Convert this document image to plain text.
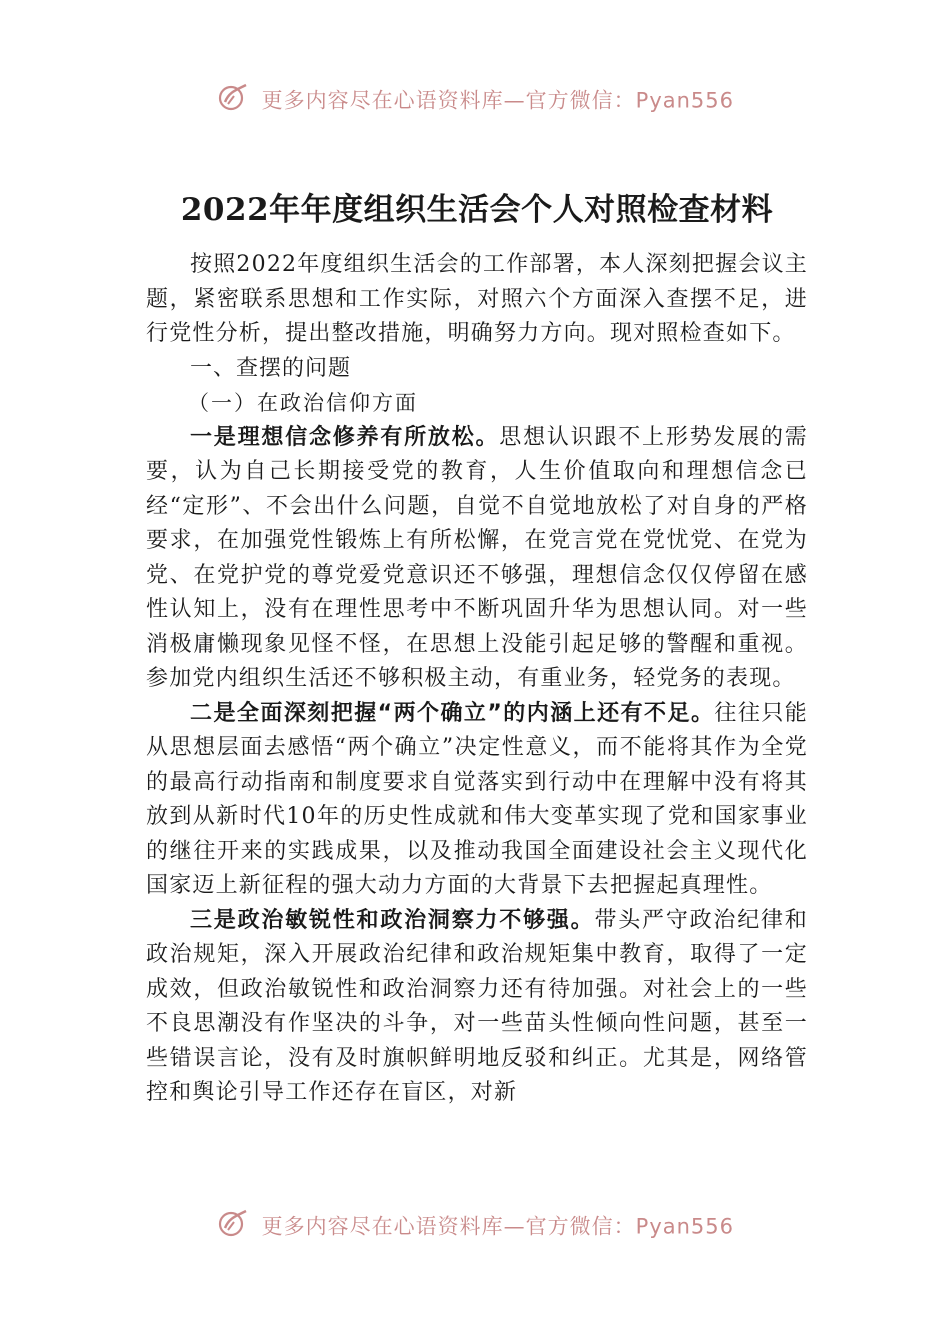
更多内容尽在心语资料库—官方微信：Pyan556
2022年年度组织生活会个人对照检查材料

按照2022年度组织生活会的工作部署，本人深刻把握会议主题，紧密联系思想和工作实际，对照六个方面深入查摆不足，进行党性分析，提出整改措施，明确努力方向。现对照检查如下。

一、查摆的问题

（一）在政治信仰方面

一是理想信念修养有所放松。思想认识跟不上形势发展的需要，认为自己长期接受党的教育，人生价值取向和理想信念已经“定形”、不会出什么问题，自觉不自觉地放松了对自身的严格要求，在加强党性锻炼上有所松懈，在党言党在党忧党、在党为党、在党护党的尊党爱党意识还不够强，理想信念仅仅停留在感性认知上，没有在理性思考中不断巩固升华为思想认同。对一些消极庸懒现象见怪不怪，在思想上没能引起足够的警醒和重视。参加党内组织生活还不够积极主动，有重业务，轻党务的表现。

二是全面深刻把握“两个确立”的内涵上还有不足。往往只能从思想层面去感悟“两个确立”决定性意义，而不能将其作为全党的最高行动指南和制度要求自觉落实到行动中在理解中没有将其放到从新时代10年的历史性成就和伟大变革实现了党和国家事业的继往开来的实践成果，以及推动我国全面建设社会主义现代化国家迈上新征程的强大动力方面的大背景下去把握起真理性。

三是政治敏锐性和政治洞察力不够强。带头严守政治纪律和政治规矩，深入开展政治纪律和政治规矩集中教育，取得了一定成效，但政治敏锐性和政治洞察力还有待加强。对社会上的一些不良思潮没有作坚决的斗争，对一些苗头性倾向性问题，甚至一些错误言论，没有及时旗帜鲜明地反驳和纠正。尤其是，网络管控和舆论引导工作还存在盲区，对新

更多内容尽在心语资料库—官方微信：Pyan556
